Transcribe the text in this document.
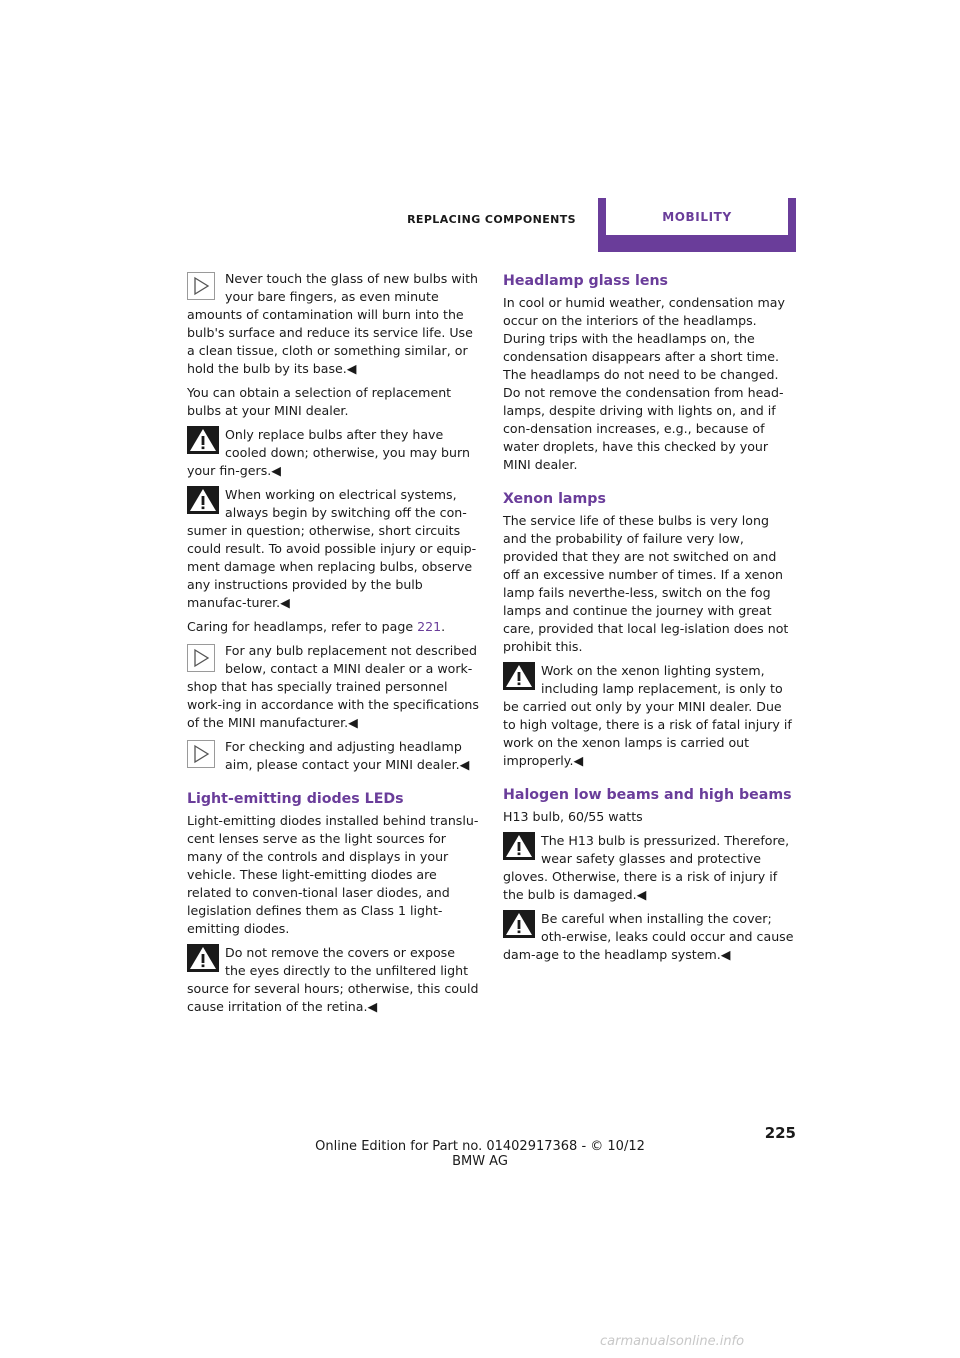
REPLACING COMPONENTS	MOBILITY
Never touch the glass of new bulbs with your bare fingers, as even minute amounts of contamination will burn into the bulb's surface and reduce its service life. Use a clean tissue, cloth or something similar, or hold the bulb by its base.◀

You can obtain a selection of replacement bulbs at your MINI dealer.

Only replace bulbs after they have cooled down; otherwise, you may burn your fin-gers.◀
When working on electrical systems, always begin by switching off the con-sumer in question; otherwise, short circuits could result. To avoid possible injury or equip-ment damage when replacing bulbs, observe any instructions provided by the bulb manufac-turer.◀

Caring for headlamps, refer to page 221.

For any bulb replacement not described below, contact a MINI dealer or a work-shop that has specially trained personnel work-ing in accordance with the specifications of the MINI manufacturer.◀
For checking and adjusting headlamp aim, please contact your MINI dealer.◀
Light-emitting diodes LEDs

Light-emitting diodes installed behind translu-cent lenses serve as the light sources for many of the controls and displays in your vehicle. These light-emitting diodes are related to conven-tional laser diodes, and legislation defines them as Class 1 light-emitting diodes.

Do not remove the covers or expose the eyes directly to the unfiltered light source for several hours; otherwise, this could cause irritation of the retina.◀
Headlamp glass lens

In cool or humid weather, condensation may occur on the interiors of the headlamps. During trips with the headlamps on, the condensation disappears after a short time. The headlamps do not need to be changed.

Do not remove the condensation from head-lamps, despite driving with lights on, and if con-densation increases, e.g., because of water droplets, have this checked by your MINI dealer.

Xenon lamps

The service life of these bulbs is very long and the probability of failure very low, provided that they are not switched on and off an excessive number of times. If a xenon lamp fails neverthe-less, switch on the fog lamps and continue the journey with great care, provided that local leg-islation does not prohibit this.

Work on the xenon lighting system, including lamp replacement, is only to be carried out only by your MINI dealer. Due to high voltage, there is a risk of fatal injury if work on the xenon lamps is carried out improperly.◀
Halogen low beams and high beams

H13 bulb, 60/55 watts

The H13 bulb is pressurized. Therefore, wear safety glasses and protective gloves. Otherwise, there is a risk of injury if the bulb is damaged.◀
Be careful when installing the cover; oth-erwise, leaks could occur and cause dam-age to the headlamp system.◀
225
Online Edition for Part no. 01402917368 - © 10/12 BMW AG
carmanualsonline.info
